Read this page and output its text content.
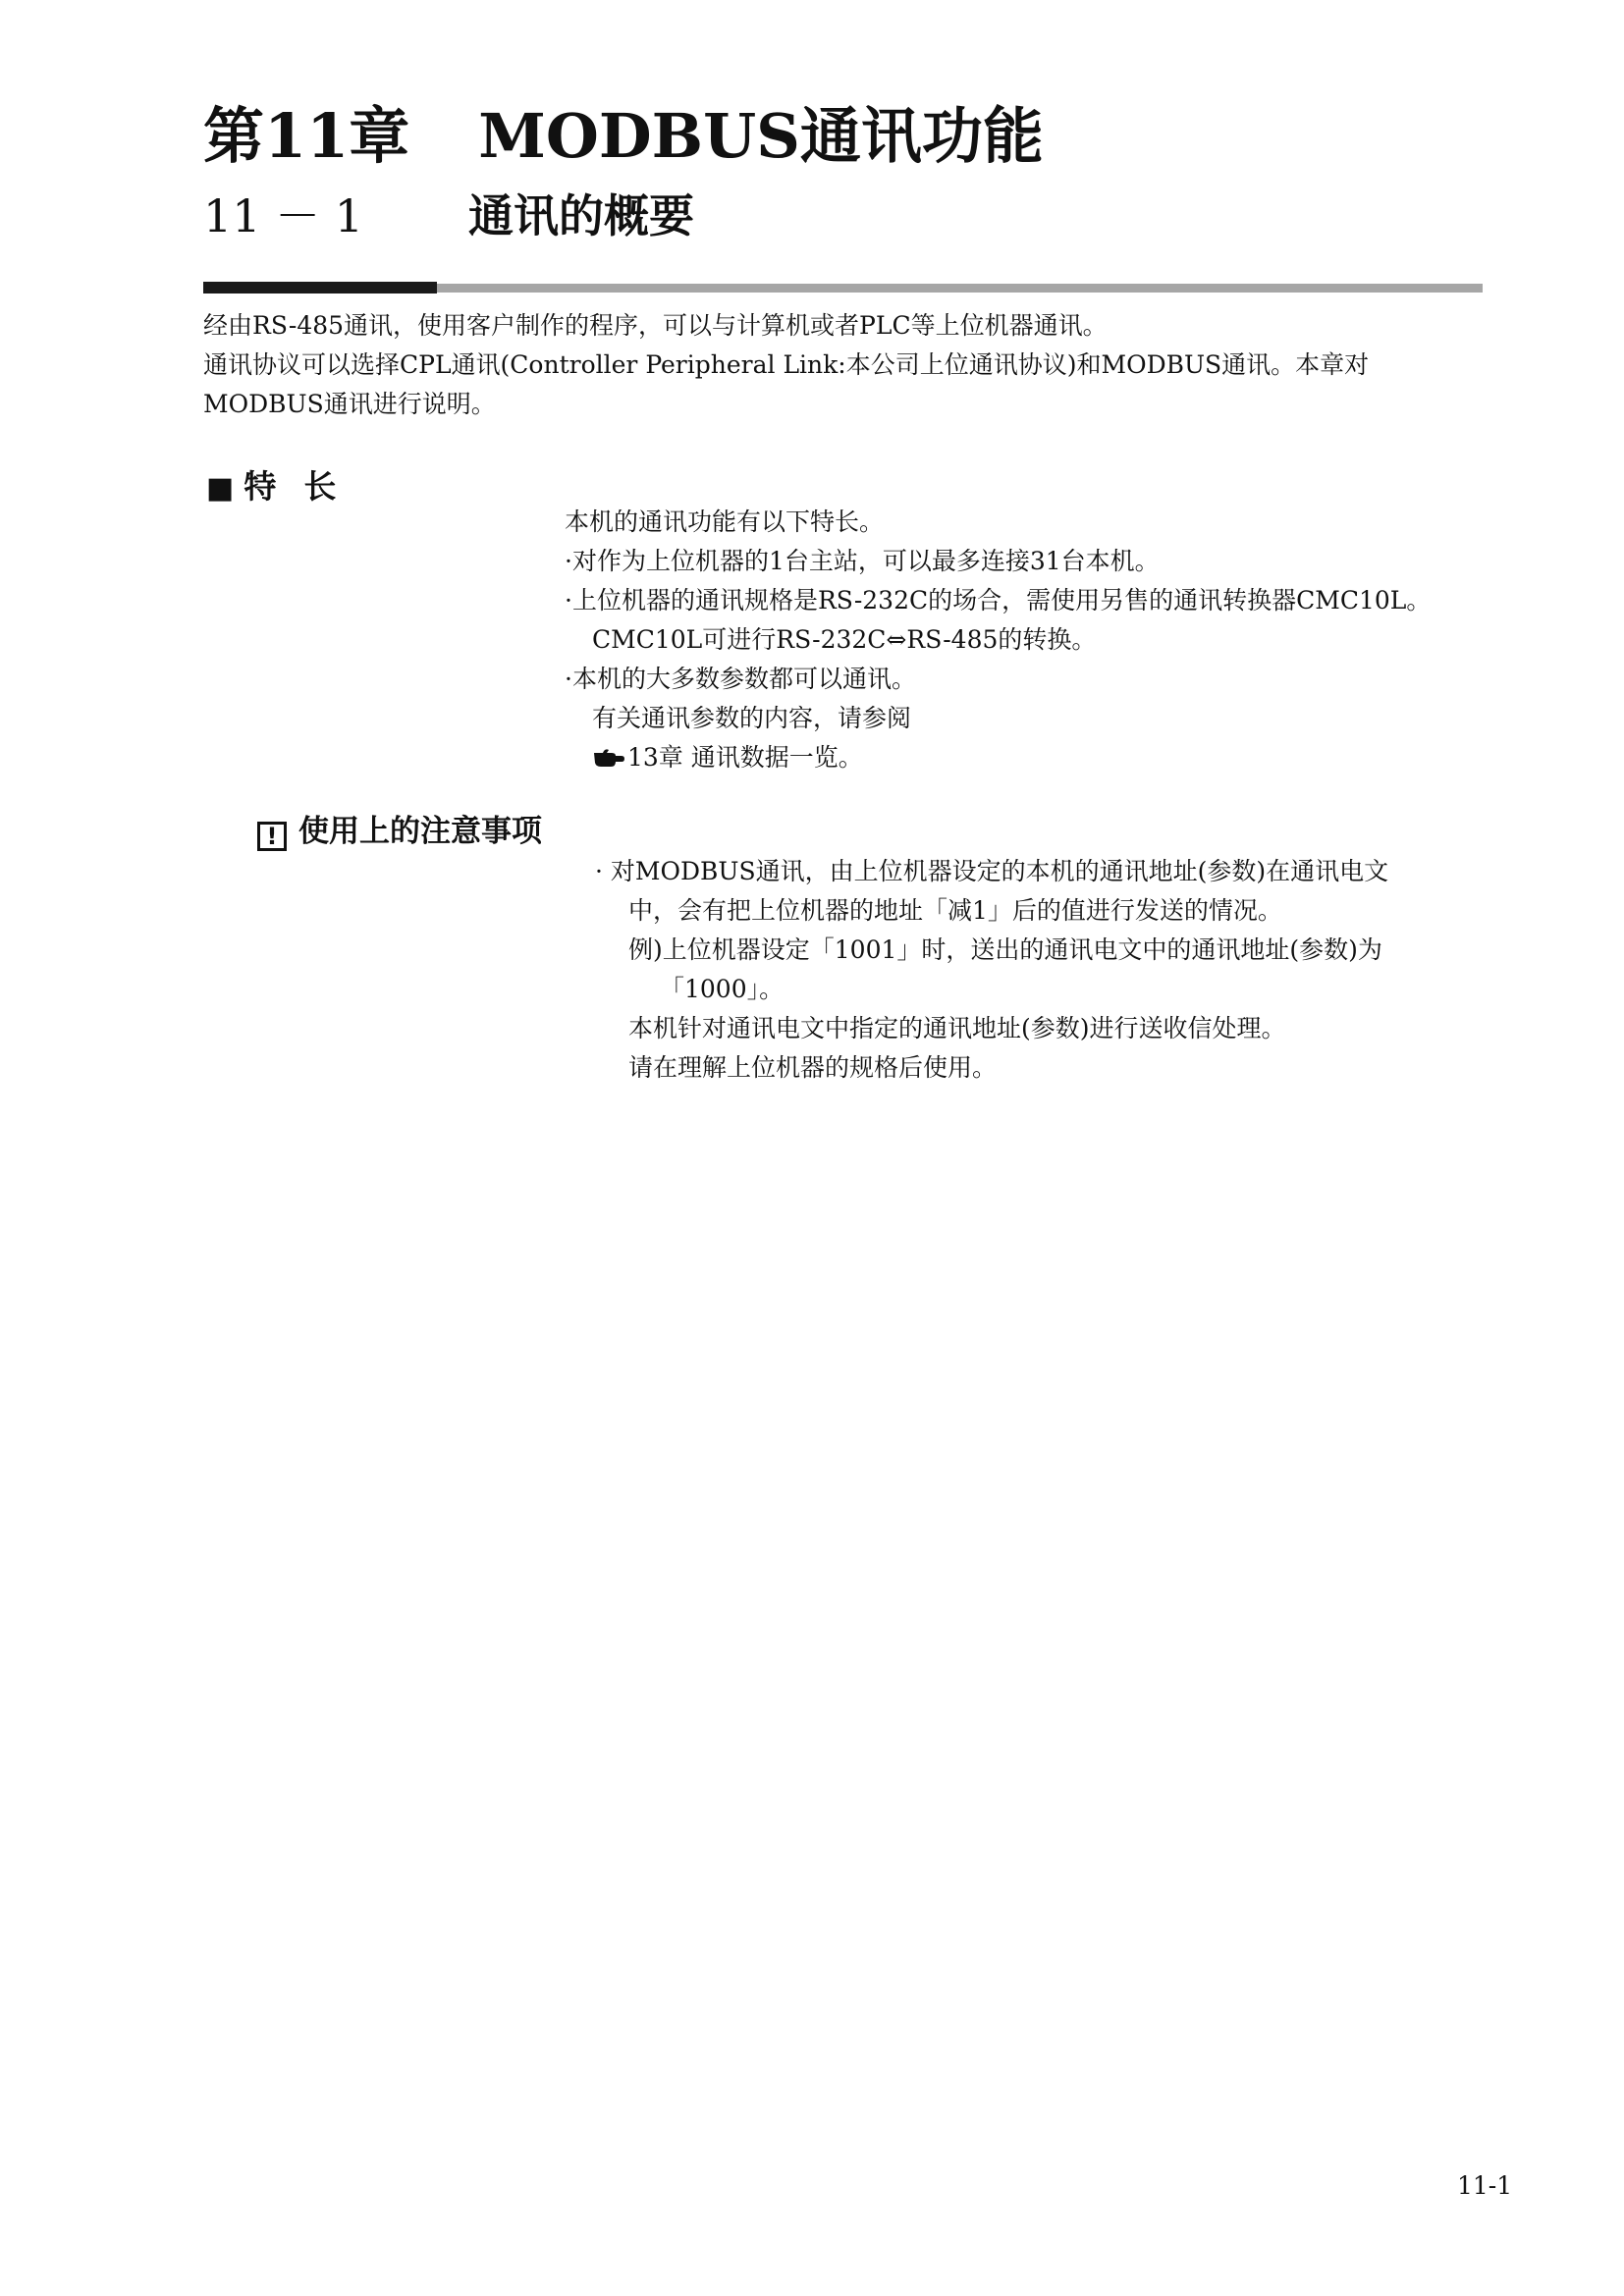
第11章 MODBUS通讯功能
11 － 1 通讯的概要

经由RS-485通讯，使用客户制作的程序，可以与计算机或者PLC等上位机器通讯。

通讯协议可以选择CPL通讯(Controller Peripheral Link:本公司上位通讯协议)和MODBUS通讯。本章对

MODBUS通讯进行说明。

■ 特长

本机的通讯功能有以下特长。

·对作为上位机器的1台主站，可以最多连接31台本机。

·上位机器的通讯规格是RS-232C的场合，需使用另售的通讯转换器CMC10L。

CMC10L可进行RS-232C⇔RS-485的转换。

·本机的大多数参数都可以通讯。

有关通讯参数的内容，请参阅

13章 通讯数据一览。

! 使用上的注意事项

· 对MODBUS通讯，由上位机器设定的本机的通讯地址(参数)在通讯电文

中，会有把上位机器的地址「减1」后的值进行发送的情况。

例)上位机器设定「1001」时，送出的通讯电文中的通讯地址(参数)为

「1000」。

本机针对通讯电文中指定的通讯地址(参数)进行送收信处理。

请在理解上位机器的规格后使用。

11-1
